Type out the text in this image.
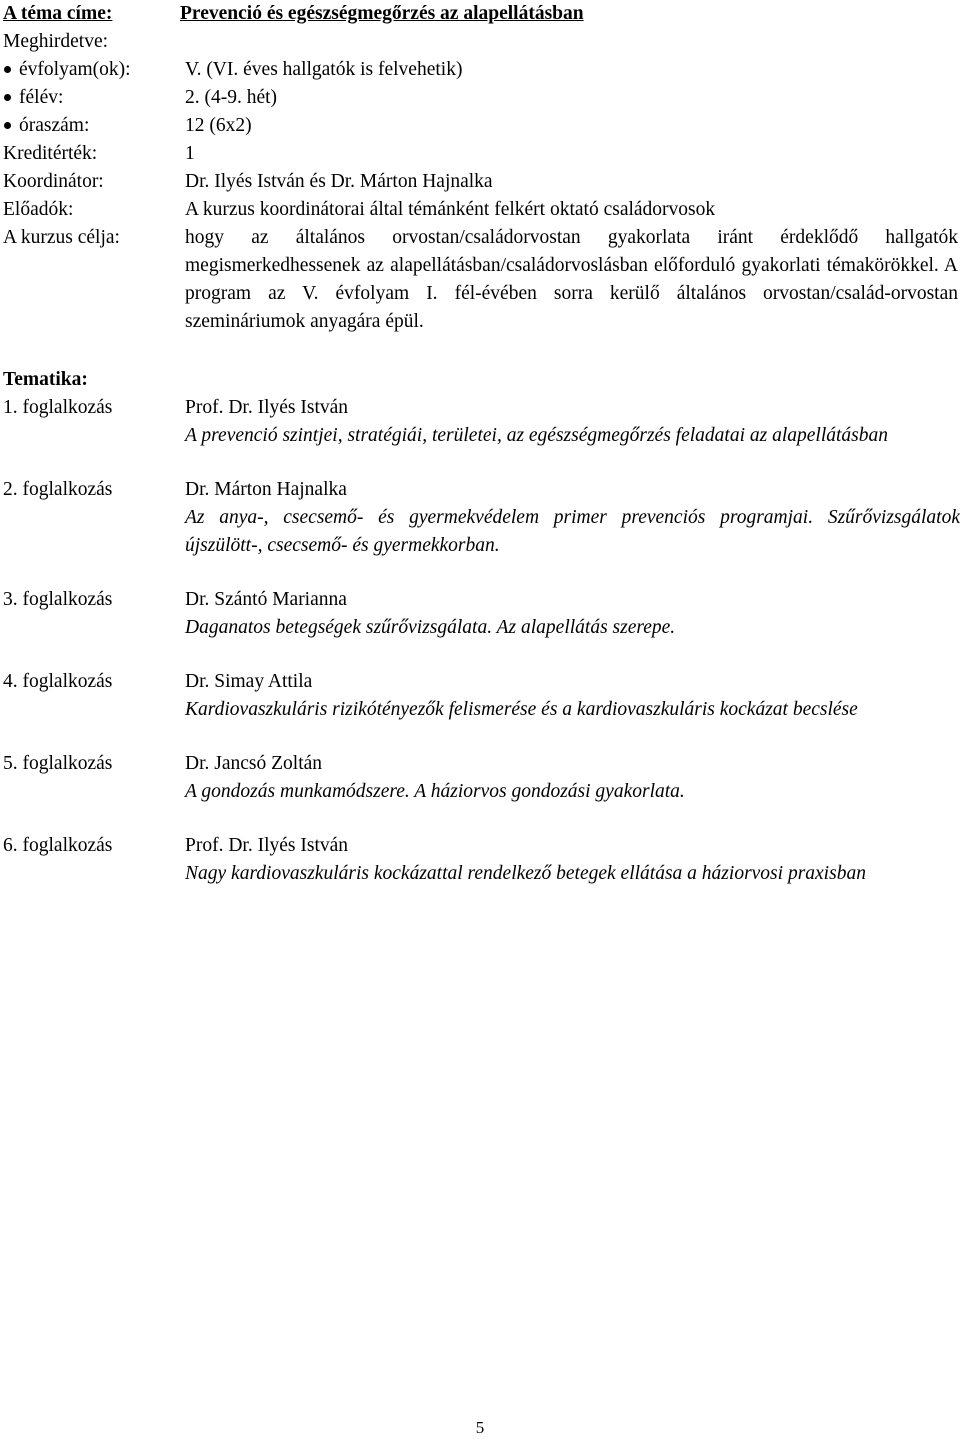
A téma címe:	Prevenció és egészségmegőrzés az alapellátásban
Meghirdetve:
évfolyam(ok):	V. (VI. éves hallgatók is felvehetik)
félév:	2. (4-9. hét)
óraszám:	12 (6x2)
Kreditérték:	1
Koordinátor:	Dr. Ilyés István és Dr. Márton Hajnalka
Előadók:	A kurzus koordinátorai által témánként felkért oktató családorvosok
A kurzus célja:	hogy az általános orvostan/családorvostan gyakorlata iránt érdeklődő hallgatók megismerkedhessenek az alapellátásban/családorvoslásban előforduló gyakorlati témakörökkel. A program az V. évfolyam I. fél-évében sorra kerülő általános orvostan/család-orvostan szemináriumok anyagára épül.

Tematika:
1. foglalkozás	Prof. Dr. Ilyés István
A prevenció szintjei, stratégiái, területei, az egészségmegőrzés feladatai az alapellátásban
2. foglalkozás	Dr. Márton Hajnalka
Az anya-, csecsemő- és gyermekvédelem primer prevenciós programjai. Szűrővizsgálatok újszülött-, csecsemő- és gyermekkorban.
3. foglalkozás	Dr. Szántó Marianna
Daganatos betegségek szűrővizsgálata. Az alapellátás szerepe.
4. foglalkozás	Dr. Simay Attila
Kardiovaszkuláris rizikótényezők felismerése és a kardiovaszkuláris kockázat becslése
5. foglalkozás	Dr. Jancsó Zoltán
A gondozás munkamódszere. A háziorvos gondozási gyakorlata.
6. foglalkozás	Prof. Dr. Ilyés István
Nagy kardiovaszkuláris kockázattal rendelkező betegek ellátása a háziorvosi praxisban
5
